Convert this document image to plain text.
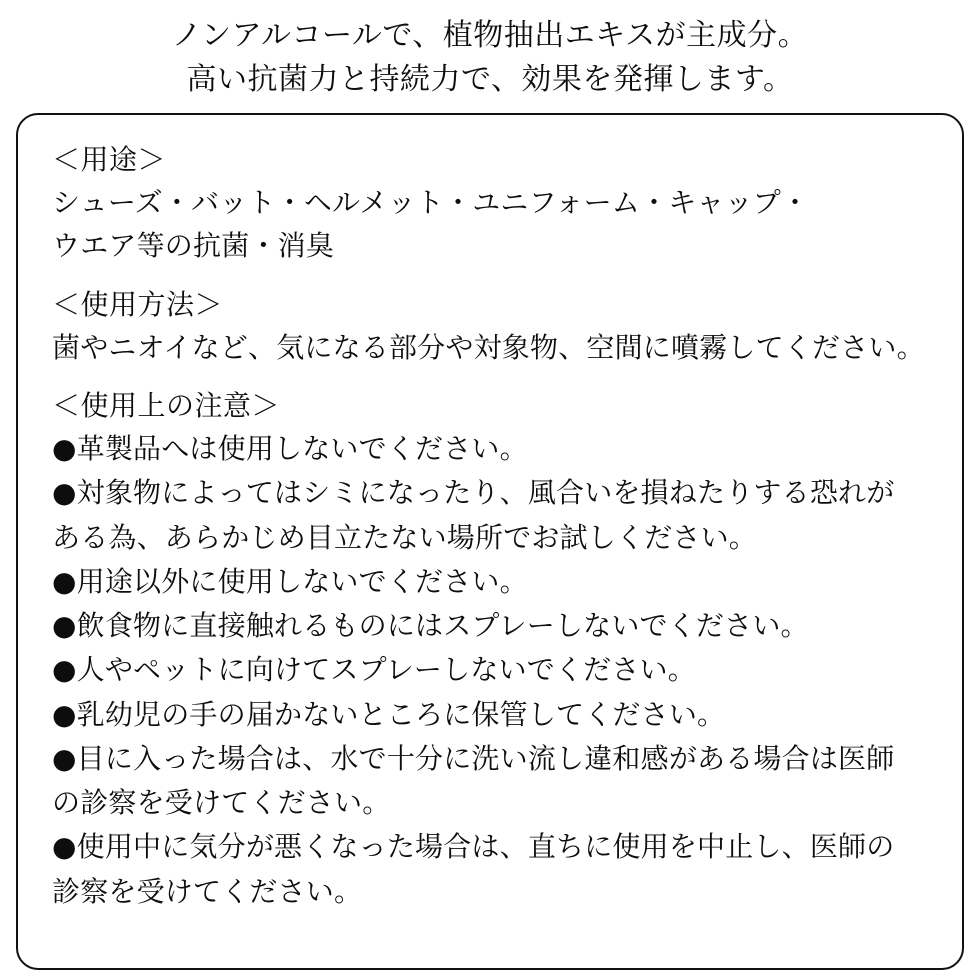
ノンアルコールで、植物抽出エキスが主成分。
高い抗菌力と持続力で、効果を発揮します。
＜用途＞
シューズ・バット・ヘルメット・ユニフォーム・キャップ・
ウエア等の抗菌・消臭
＜使用方法＞
菌やニオイなど、気になる部分や対象物、空間に噴霧してください。
＜使用上の注意＞
●革製品へは使用しないでください。
●対象物によってはシミになったり、風合いを損ねたりする恐れが
ある為、あらかじめ目立たない場所でお試しください。
●用途以外に使用しないでください。
●飲食物に直接触れるものにはスプレーしないでください。
●人やペットに向けてスプレーしないでください。
●乳幼児の手の届かないところに保管してください。
●目に入った場合は、水で十分に洗い流し違和感がある場合は医師
の診察を受けてください。
●使用中に気分が悪くなった場合は、直ちに使用を中止し、医師の
診察を受けてください。
